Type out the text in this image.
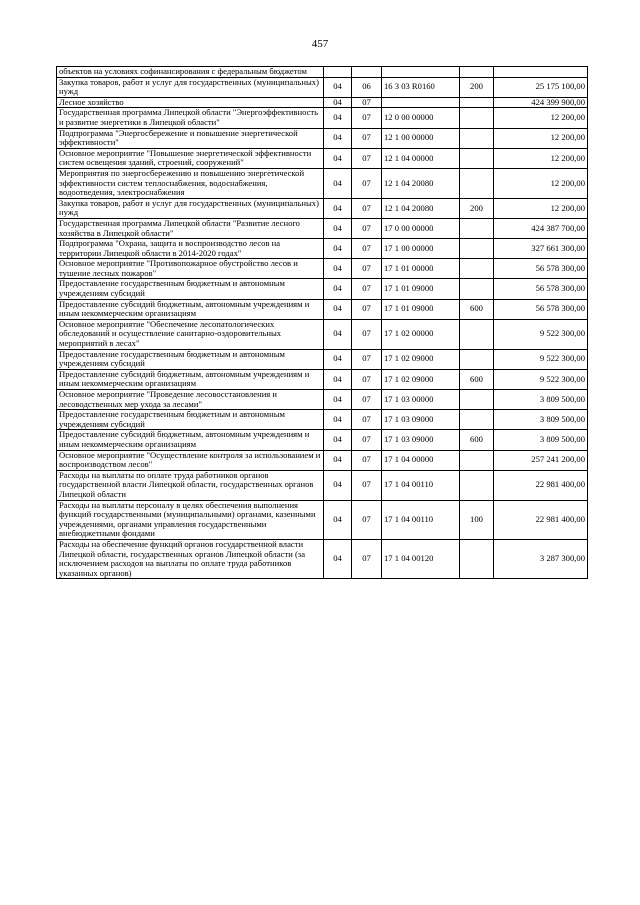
457
объектов на условиях софинансирования с федеральным бюджетом					
Закупка товаров, работ и услуг для государственных (муниципальных) нужд	04	06	16 3 03 R0160	200	25 175 100,00
Лесное хозяйство	04	07			424 399 900,00
Государственная программа Липецкой области "Энергоэффективность и развитие энергетики в Липецкой области"	04	07	12 0 00 00000		12 200,00
Подпрограмма "Энергосбережение и повышение энергетической эффективности"	04	07	12 1 00 00000		12 200,00
Основное мероприятие "Повышение энергетической эффективности систем освещения зданий, строений, сооружений"	04	07	12 1 04 00000		12 200,00
Мероприятия по энергосбережению и повышению энергетической эффективности систем теплоснабжения, водоснабжения, водоотведения, электроснабжения	04	07	12 1 04 20080		12 200,00
Закупка товаров, работ и услуг для государственных (муниципальных) нужд	04	07	12 1 04 20080	200	12 200,00
Государственная программа Липецкой области "Развитие лесного хозяйства в Липецкой области"	04	07	17 0 00 00000		424 387 700,00
Подпрограмма "Охрана, защита и воспроизводство лесов на территории Липецкой области в 2014-2020 годах"	04	07	17 1 00 00000		327 661 300,00
Основное мероприятие "Противопожарное обустройство лесов и тушение лесных пожаров"	04	07	17 1 01 00000		56 578 300,00
Предоставление государственным бюджетным и автономным учреждениям субсидий	04	07	17 1 01 09000		56 578 300,00
Предоставление субсидий бюджетным, автономным учреждениям и иным некоммерческим организациям	04	07	17 1 01 09000	600	56 578 300,00
Основное мероприятие "Обеспечение лесопатологических обследований и осуществление санитарно-оздоровительных мероприятий в лесах"	04	07	17 1 02 00000		9 522 300,00
Предоставление государственным бюджетным и автономным учреждениям субсидий	04	07	17 1 02 09000		9 522 300,00
Предоставление субсидий бюджетным, автономным учреждениям и иным некоммерческим организациям	04	07	17 1 02 09000	600	9 522 300,00
Основное мероприятие "Проведение лесовосстановления и лесоводственных мер ухода за лесами"	04	07	17 1 03 00000		3 809 500,00
Предоставление государственным бюджетным и автономным учреждениям субсидий	04	07	17 1 03 09000		3 809 500,00
Предоставление субсидий бюджетным, автономным учреждениям и иным некоммерческим организациям	04	07	17 1 03 09000	600	3 809 500,00
Основное мероприятие "Осуществление контроля за использованием и воспроизводством лесов"	04	07	17 1 04 00000		257 241 200,00
Расходы на выплаты по оплате труда работников органов государственной власти Липецкой области, государственных органов Липецкой области	04	07	17 1 04 00110		22 981 400,00
Расходы на выплаты персоналу в целях обеспечения выполнения функций государственными (муниципальными) органами, казенными учреждениями, органами управления государственными внебюджетными фондами	04	07	17 1 04 00110	100	22 981 400,00
Расходы на обеспечение функций органов государственной власти Липецкой области, государственных органов Липецкой области (за исключением расходов на выплаты по оплате труда работников указанных органов)	04	07	17 1 04 00120		3 287 300,00
